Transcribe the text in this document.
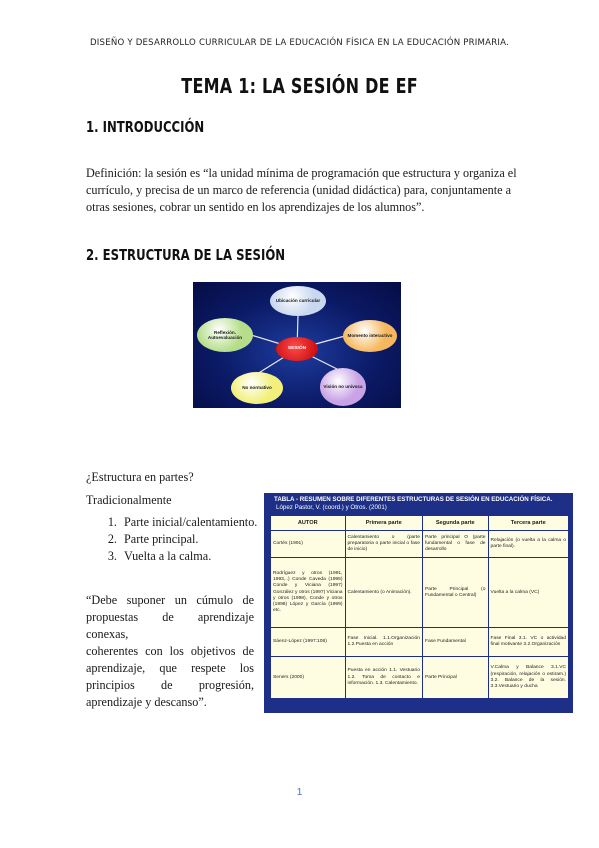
DISEÑO Y DESARROLLO CURRICULAR DE LA EDUCACIÓN FÍSICA EN LA EDUCACIÓN PRIMARIA.
TEMA 1: LA SESIÓN DE EF
1. INTRODUCCIÓN
Definición: la sesión es “la unidad mínima de programación que estructura y organiza el
currículo, y precisa de un marco de referencia (unidad didáctica) para, conjuntamente a
otras sesiones, cobrar un sentido en los aprendizajes de los alumnos”.
2. ESTRUCTURA DE LA SESIÓN
Ubicación curricular
Momento interactivo
Visión no unívoca
No normativo
Reflexión. Autoevaluación
SESIÓN
¿Estructura en partes?
Tradicionalmente
1. Parte inicial/calentamiento.
2. Parte principal.
3. Vuelta a la calma.
“Debe suponer un cúmulo de
propuestas de aprendizaje conexas,
coherentes con los objetivos de
aprendizaje, que respete los
principios de progresión,
aprendizaje y descanso”.
TABLA - RESUMEN SOBRE DIFERENTES ESTRUCTURAS DE SESIÓN EN EDUCACIÓN FÍSICA.
López Pastor, V. (coord.) y Otros. (2001)
AUTOR	Primera parte	Segunda parte	Tercera parte
Cortés (1991)	Calentamiento o (parte preparatoria o parte inicial o fase de inicio)	Parte principal O (parte fundamental o fase de desarrollo	Relajación (o vuelta a la calma o parte final).
Rodríguez y otros (1991, 1993,..) Conde Caveda (1995) Conde y Viciana (1997) González y otros (1997) Viciana y otros (1998), Conde y otros (1998) López y García (1999) etc.	Calentamiento (o Animación).	Parte Principal (o Fundamental o Central)	Vuelta a la calma (VC)
Sáenz-López (1997:108)	Fase Inicial. 1.1.Organización 1.2.Puesta en acción	Fase Fundamental	Fase Final 3.1. VC o actividad final motivante 3.2.Organización
Seners (2000)	Puesta en acción 1.1. Vestuario 1.2. Toma de contacto e información. 1.3. Calentamiento.	Parte Principal	V.Calma y Balance 3.1.VC (respiración, relajación o estiram.) 3.2. Balance de la sesión. 3.3.Vestuario y ducha
1
